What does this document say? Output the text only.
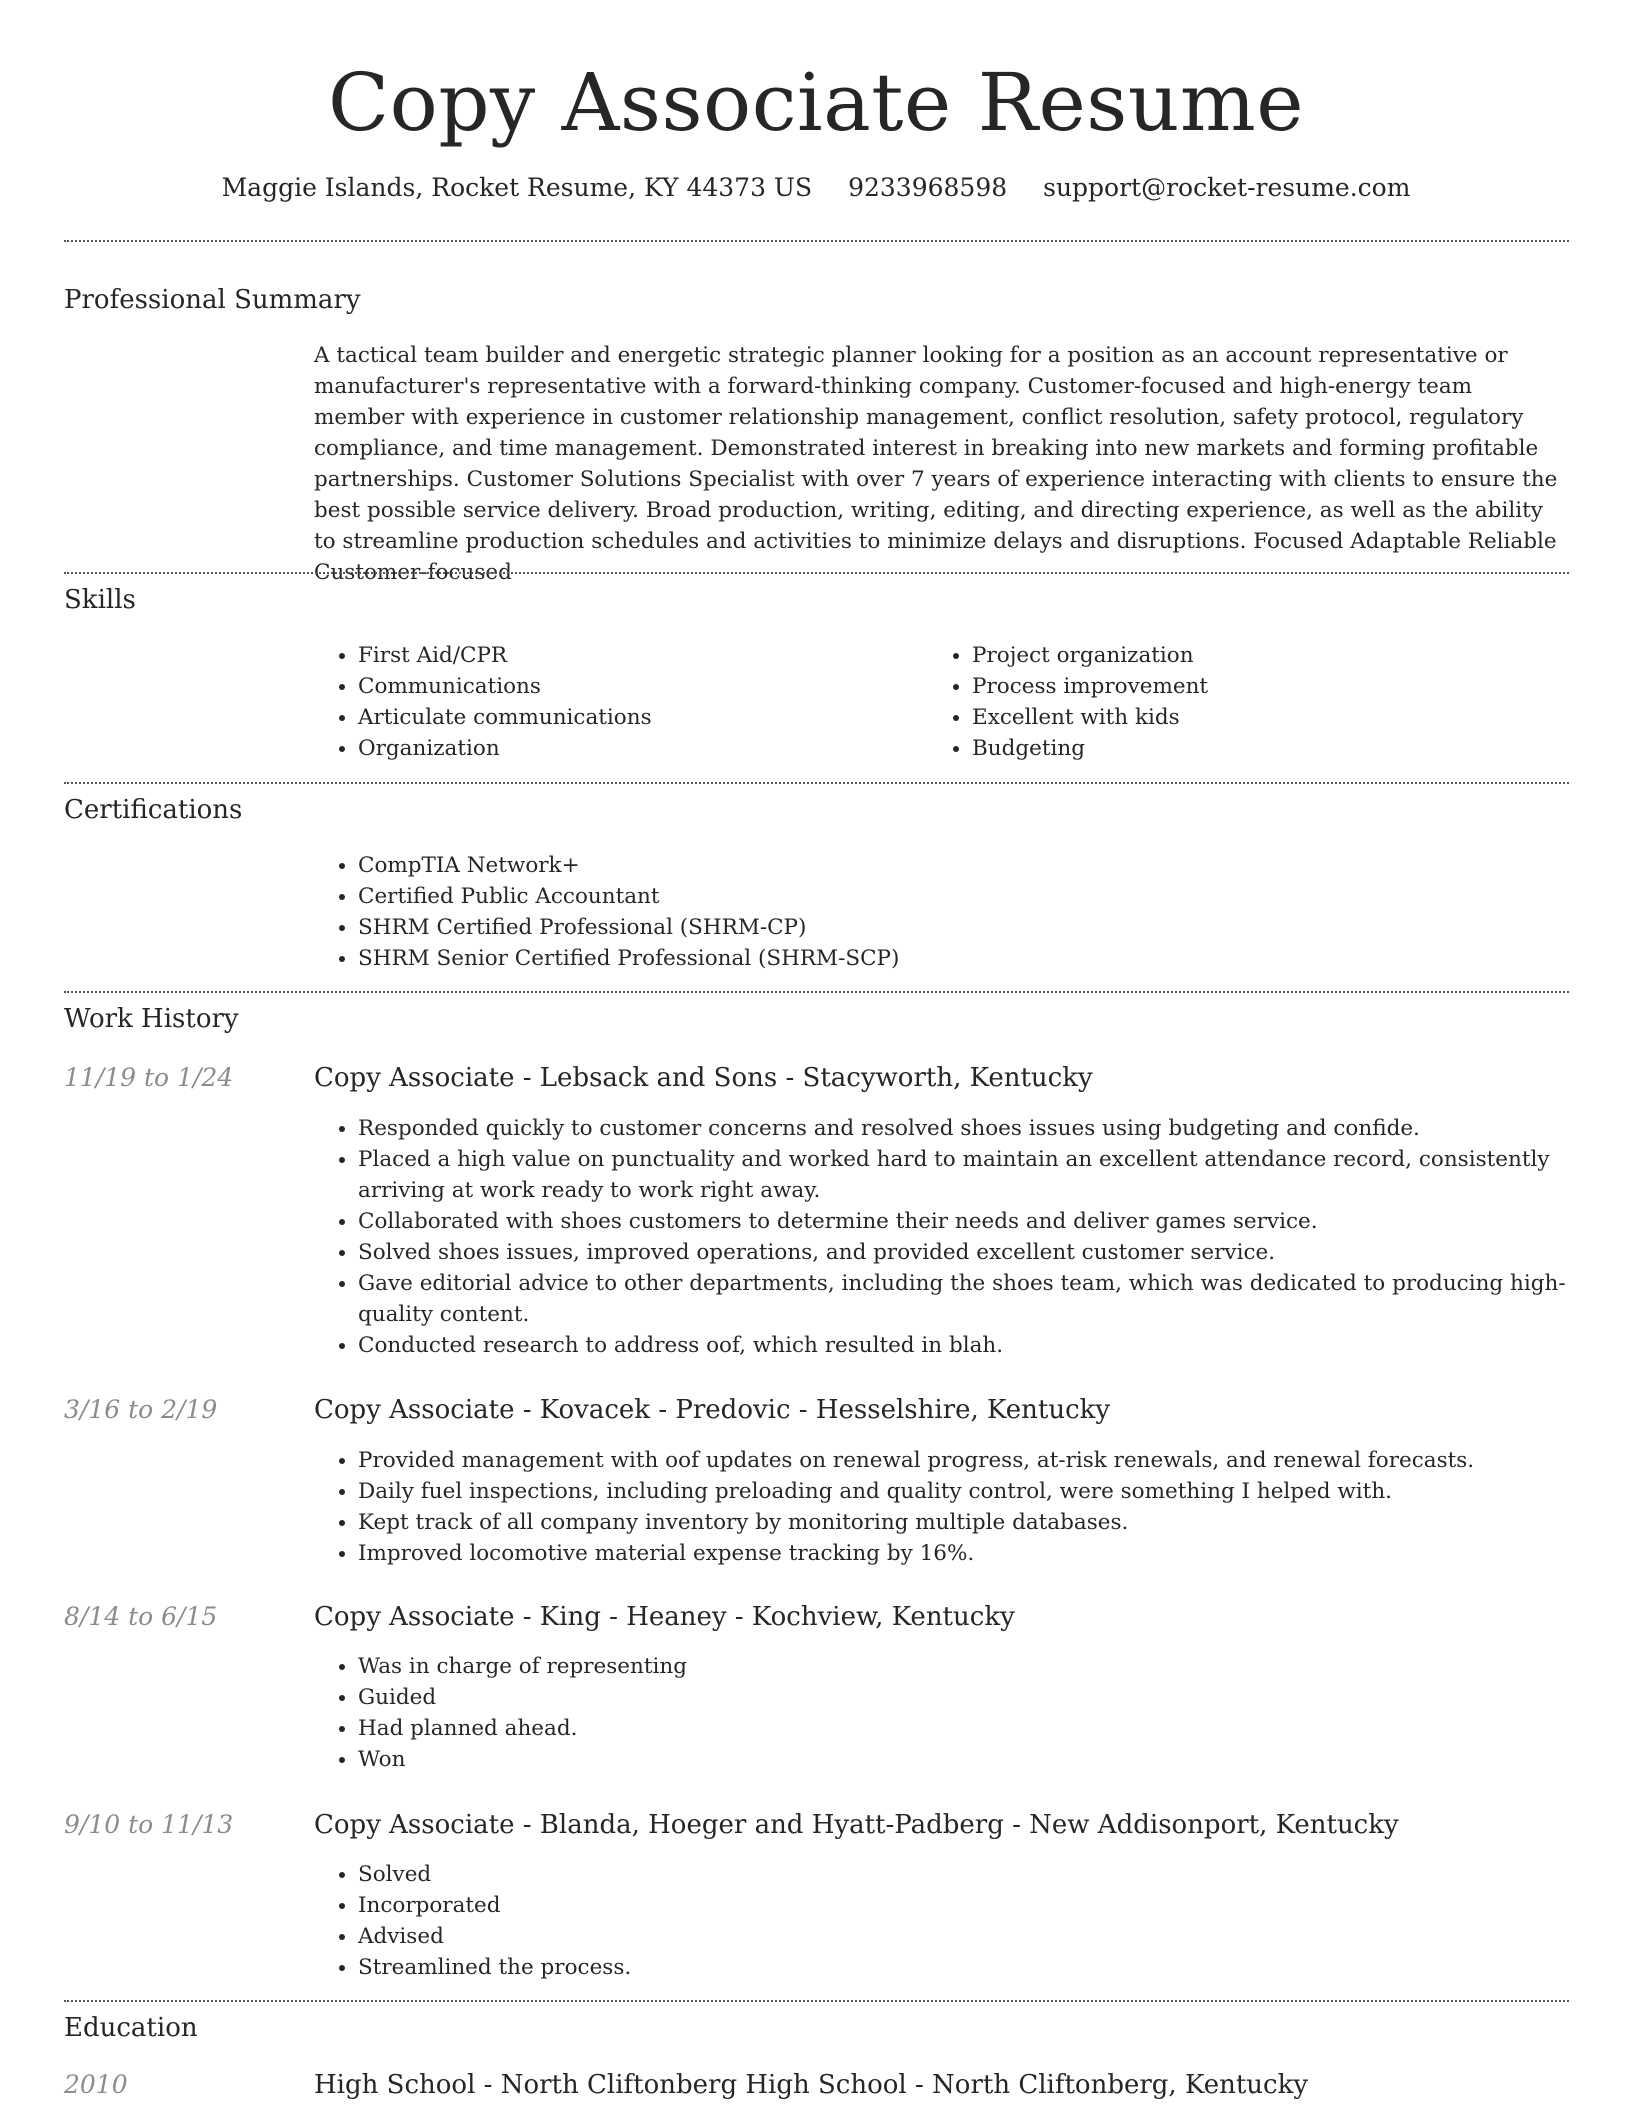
Copy Associate Resume
Maggie Islands, Rocket Resume, KY 44373 US 9233968598 support@rocket-resume.com
Professional Summary

A tactical team builder and energetic strategic planner looking for a position as an account representative or manufacturer's representative with a forward-thinking company. Customer-focused and high-energy team member with experience in customer relationship management, conflict resolution, safety protocol, regulatory compliance, and time management. Demonstrated interest in breaking into new markets and forming profitable partnerships. Customer Solutions Specialist with over 7 years of experience interacting with clients to ensure the best possible service delivery. Broad production, writing, editing, and directing experience, as well as the ability to streamline production schedules and activities to minimize delays and disruptions. Focused Adaptable Reliable Customer-focused

Skills
• First Aid/CPR
• Communications
• Articulate communications
• Organization
• Project organization
• Process improvement
• Excellent with kids
• Budgeting
Certifications
• CompTIA Network+
• Certified Public Accountant
• SHRM Certified Professional (SHRM-CP)
• SHRM Senior Certified Professional (SHRM-SCP)
Work History
11/19 to 1/24	Copy Associate - Lebsack and Sons - Stacyworth, Kentucky
• Responded quickly to customer concerns and resolved shoes issues using budgeting and confide.
• Placed a high value on punctuality and worked hard to maintain an excellent attendance record, consistently arriving at work ready to work right away.
• Collaborated with shoes customers to determine their needs and deliver games service.
• Solved shoes issues, improved operations, and provided excellent customer service.
• Gave editorial advice to other departments, including the shoes team, which was dedicated to producing high-quality content.
• Conducted research to address oof, which resulted in blah.
3/16 to 2/19	Copy Associate - Kovacek - Predovic - Hesselshire, Kentucky
• Provided management with oof updates on renewal progress, at-risk renewals, and renewal forecasts.
• Daily fuel inspections, including preloading and quality control, were something I helped with.
• Kept track of all company inventory by monitoring multiple databases.
• Improved locomotive material expense tracking by 16%.
8/14 to 6/15	Copy Associate - King - Heaney - Kochview, Kentucky
• Was in charge of representing
• Guided
• Had planned ahead.
• Won
9/10 to 11/13	Copy Associate - Blanda, Hoeger and Hyatt-Padberg - New Addisonport, Kentucky
• Solved
• Incorporated
• Advised
• Streamlined the process.
Education
2010	High School - North Cliftonberg High School - North Cliftonberg, Kentucky
